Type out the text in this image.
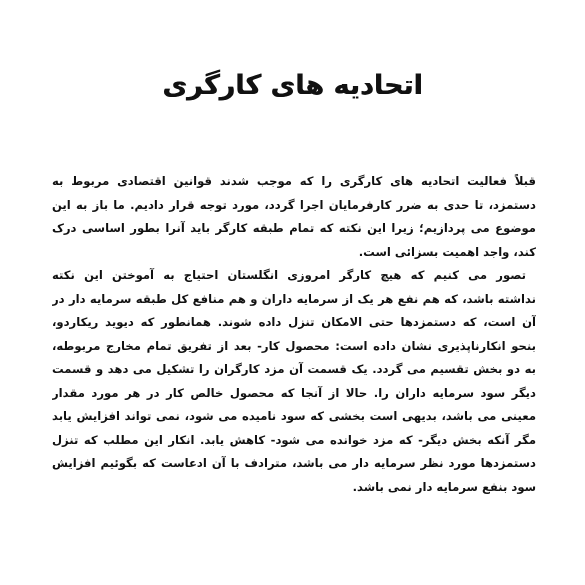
اتحادیه های کارگری
قبلاً فعالیت اتحادیه های کارگری را که موجب شدند قوانین اقتصادی مربوط به
دستمزد، تا حدی به ضرر کارفرمایان اجرا گردد، مورد توجه قرار دادیم. ما باز به این
موضوع می پردازیم؛ زیرا این نکته که تمام طبقه کارگر باید آنرا بطور اساسی درک
کند، واجد اهمیت بسزائی است.
تصور می کنیم که هیچ کارگر امروزی انگلستان احتیاج به آموختن این نکته
نداشته باشد، که هم نفع هر یک از سرمایه داران و هم منافع کل طبقه سرمایه دار در
آن است، که دستمزدها حتی الامکان تنزل داده شوند. همانطور که دیوید ریکاردو،
بنحو انکارناپذیری نشان داده است: محصول کار- بعد از تفریق تمام مخارج مربوطه،
به دو بخش تقسیم می گردد. یک قسمت آن مزد کارگران را تشکیل می دهد و قسمت
دیگر سود سرمایه داران را. حالا از آنجا که محصول خالص کار در هر مورد مقدار
معینی می باشد، بدیهی است بخشی که سود نامیده می شود، نمی تواند افزایش یابد
مگر آنکه بخش دیگر- که مزد خوانده می شود- کاهش یابد. انکار این مطلب که تنزل
دستمزدها مورد نظر سرمایه دار می باشد، مترادف با آن ادعاست که بگوئیم افزایش
سود بنفع سرمایه دار نمی باشد.
